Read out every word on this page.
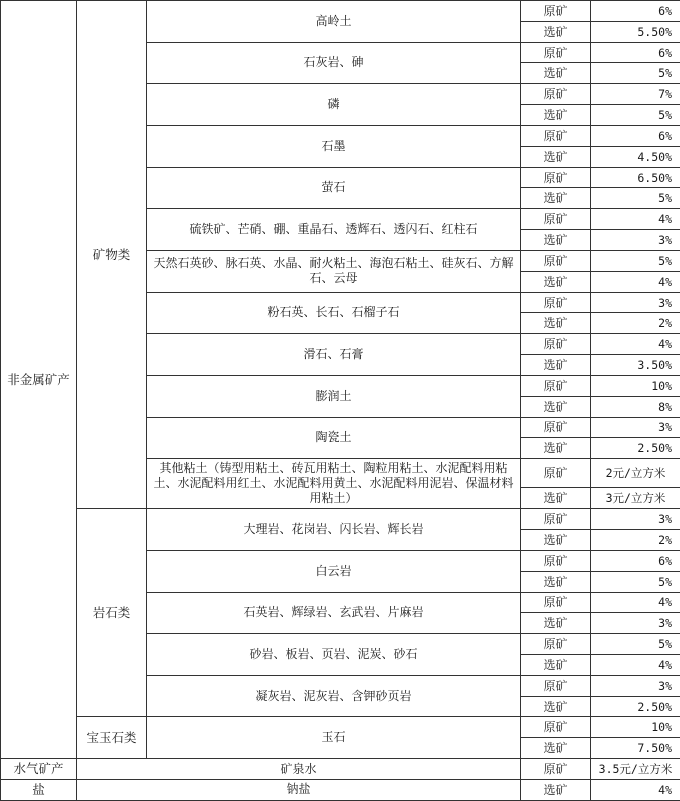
非金属矿产	矿物类	高岭土	原矿	6%
			选矿	5.50%
		石灰岩、砷	原矿	6%
			选矿	5%
		磷	原矿	7%
			选矿	5%
		石墨	原矿	6%
			选矿	4.50%
		萤石	原矿	6.50%
			选矿	5%
		硫铁矿、芒硝、硼、重晶石、透辉石、透闪石、红柱石	原矿	4%
			选矿	3%
		天然石英砂、脉石英、水晶、耐火粘土、海泡石粘土、硅灰石、方解石、云母	原矿	5%
			选矿	4%
		粉石英、长石、石榴子石	原矿	3%
			选矿	2%
		滑石、石膏	原矿	4%
			选矿	3.50%
		膨润土	原矿	10%
			选矿	8%
		陶瓷土	原矿	3%
			选矿	2.50%
		其他粘土（铸型用粘土、砖瓦用粘土、陶粒用粘土、水泥配料用粘土、水泥配料用红土、水泥配料用黄土、水泥配料用泥岩、保温材料用粘土）	原矿	2元/立方米
			选矿	3元/立方米
	岩石类	大理岩、花岗岩、闪长岩、辉长岩	原矿	3%
			选矿	2%
		白云岩	原矿	6%
			选矿	5%
		石英岩、辉绿岩、玄武岩、片麻岩	原矿	4%
			选矿	3%
		砂岩、板岩、页岩、泥炭、砂石	原矿	5%
			选矿	4%
		凝灰岩、泥灰岩、含钾砂页岩	原矿	3%
			选矿	2.50%
	宝玉石类	玉石	原矿	10%
			选矿	7.50%
水气矿产	矿泉水		原矿	3.5元/立方米
盐	钠盐		选矿	4%
